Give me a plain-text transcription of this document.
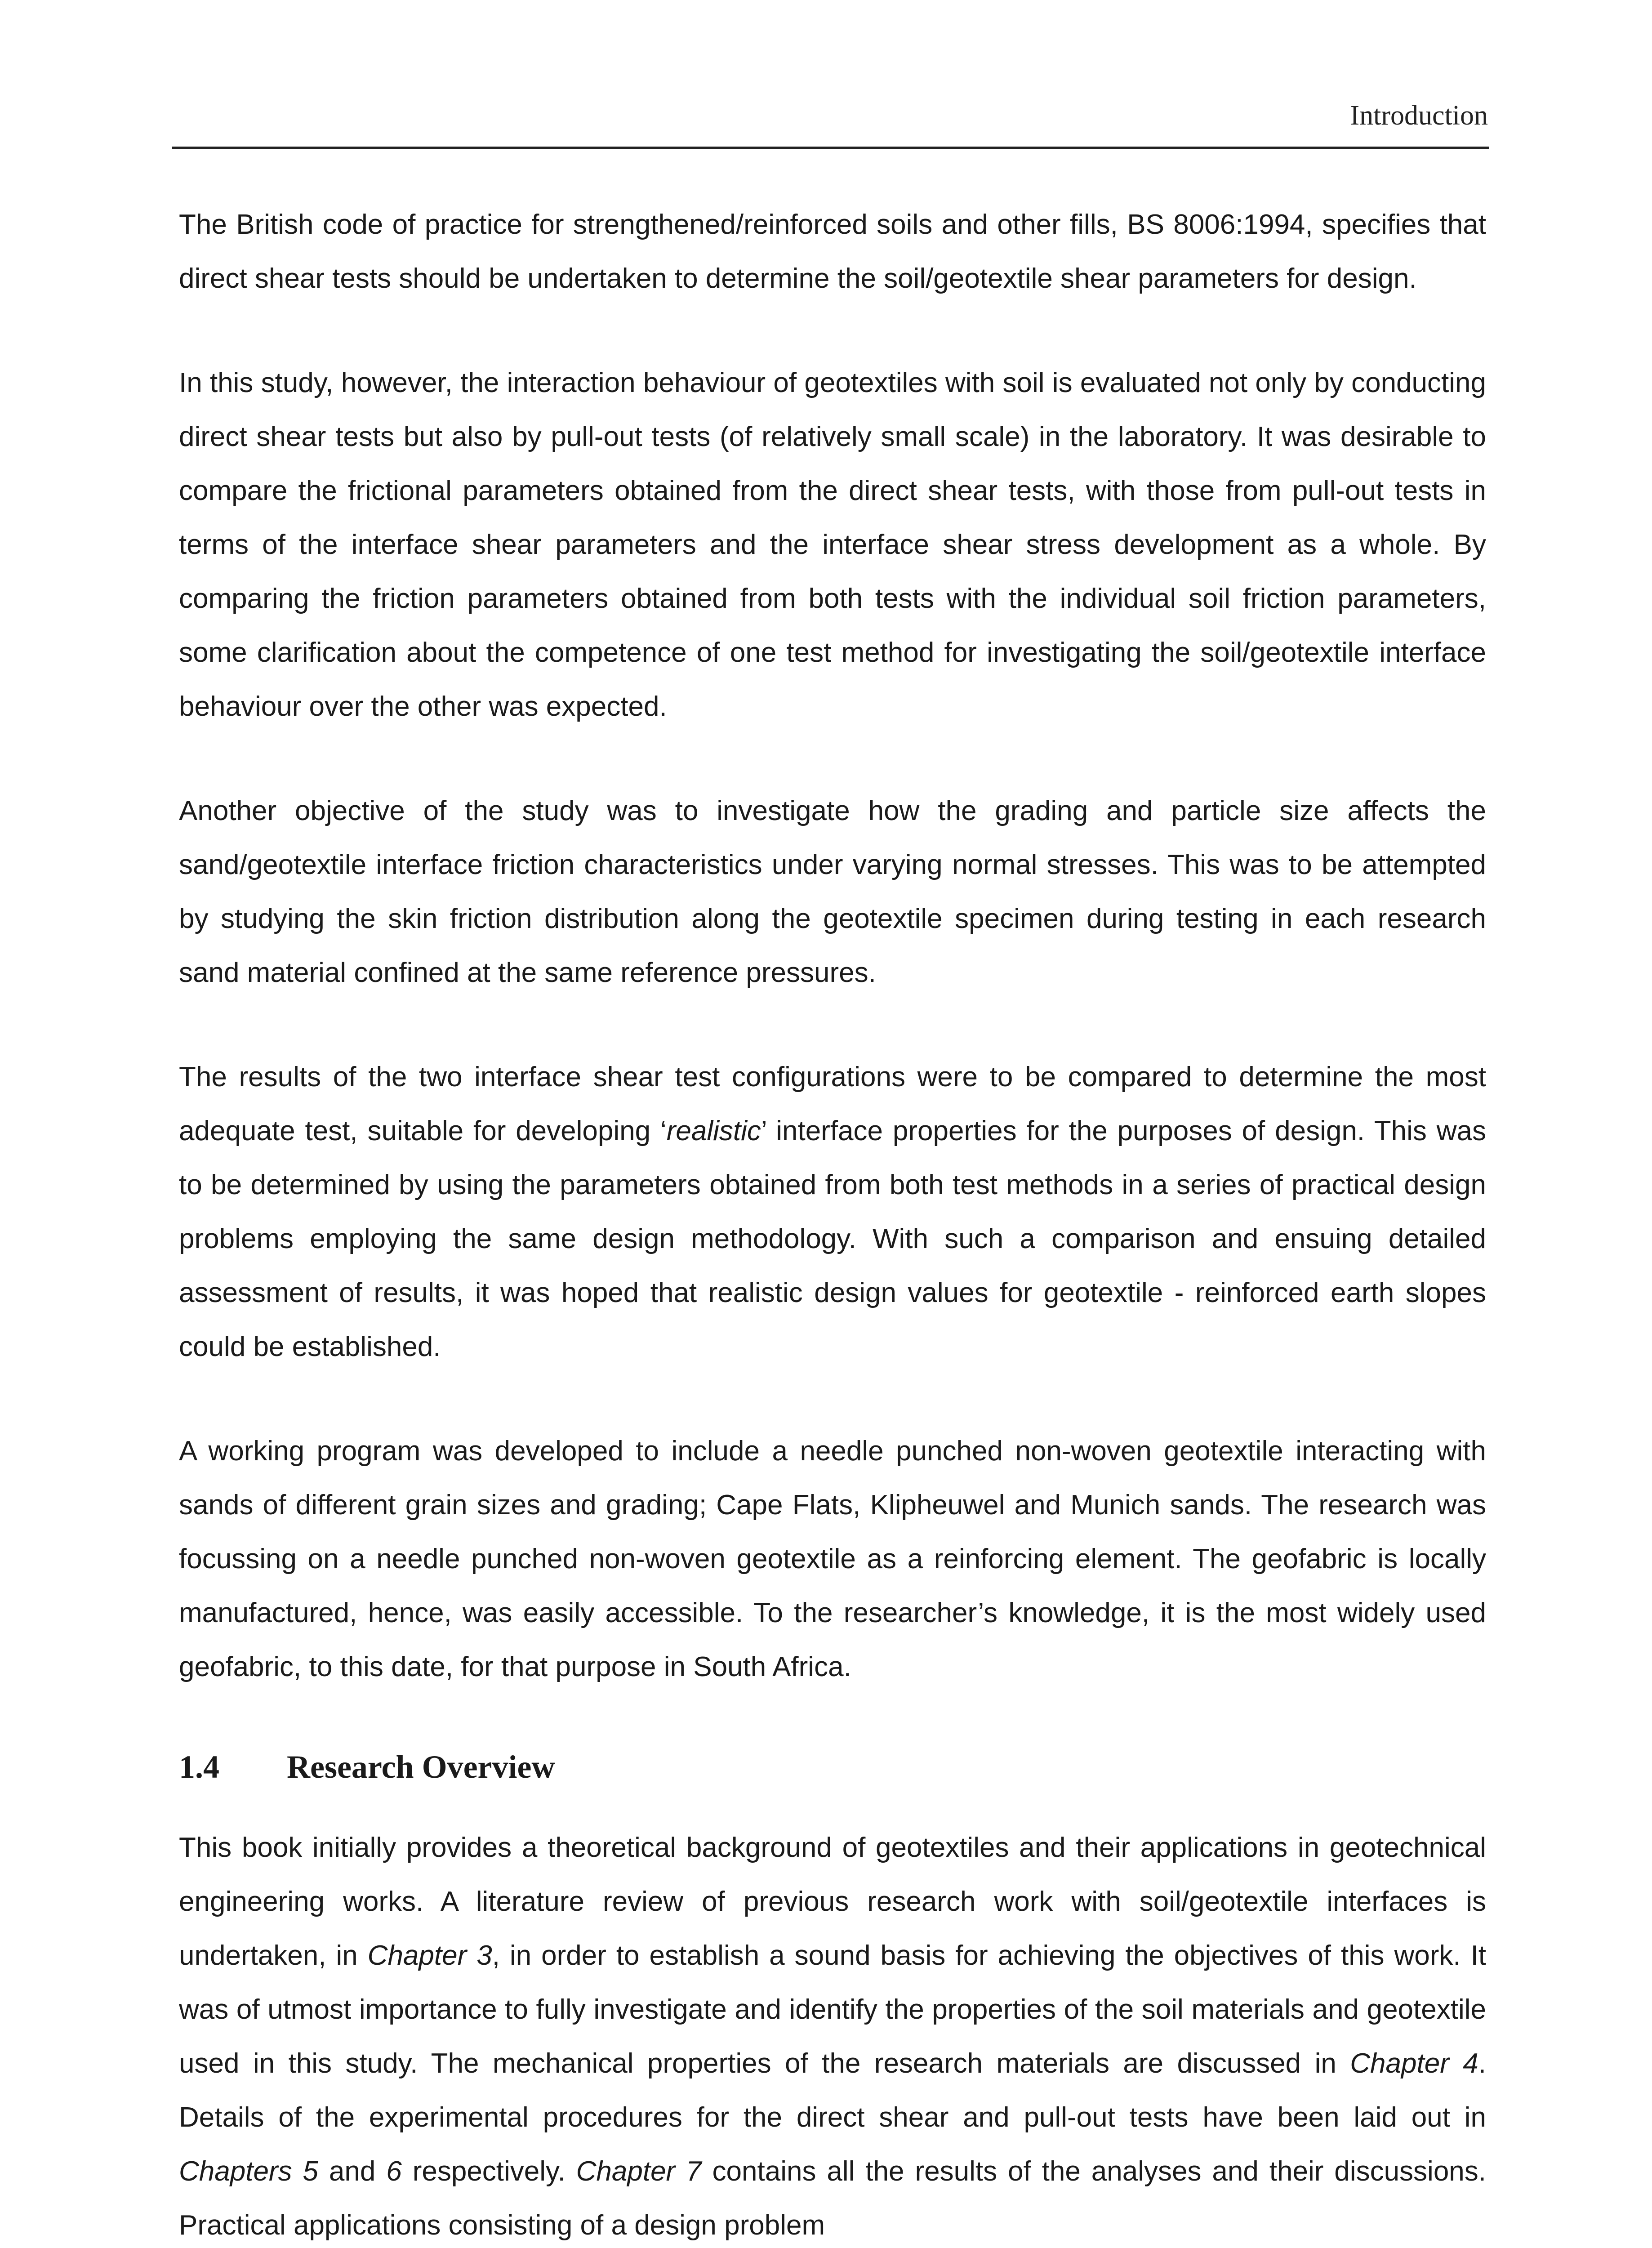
Introduction

The British code of practice for strengthened/reinforced soils and other fills, BS 8006:1994, specifies that direct shear tests should be undertaken to determine the soil/geotextile shear parameters for design.

In this study, however, the interaction behaviour of geotextiles with soil is evaluated not only by conducting direct shear tests but also by pull-out tests (of relatively small scale) in the laboratory. It was desirable to compare the frictional parameters obtained from the direct shear tests, with those from pull-out tests in terms of the interface shear parameters and the interface shear stress development as a whole. By comparing the friction parameters obtained from both tests with the individual soil friction parameters, some clarification about the competence of one test method for investigating the soil/geotextile interface behaviour over the other was expected.

Another objective of the study was to investigate how the grading and particle size affects the sand/geotextile interface friction characteristics under varying normal stresses. This was to be attempted by studying the skin friction distribution along the geotextile specimen during testing in each research sand material confined at the same reference pressures.

The results of the two interface shear test configurations were to be compared to determine the most adequate test, suitable for developing ‘realistic’ interface properties for the purposes of design. This was to be determined by using the parameters obtained from both test methods in a series of practical design problems employing the same design methodology. With such a comparison and ensuing detailed assessment of results, it was hoped that realistic design values for geotextile - reinforced earth slopes could be established.

A working program was developed to include a needle punched non-woven geotextile interacting with sands of different grain sizes and grading; Cape Flats, Klipheuwel and Munich sands. The research was focussing on a needle punched non-woven geotextile as a reinforcing element. The geofabric is locally manufactured, hence, was easily accessible. To the researcher’s knowledge, it is the most widely used geofabric, to this date, for that purpose in South Africa.

1.4 Research Overview

This book initially provides a theoretical background of geotextiles and their applications in geotechnical engineering works. A literature review of previous research work with soil/geotextile interfaces is undertaken, in Chapter 3, in order to establish a sound basis for achieving the objectives of this work. It was of utmost importance to fully investigate and identify the properties of the soil materials and geotextile used in this study. The mechanical properties of the research materials are discussed in Chapter 4. Details of the experimental procedures for the direct shear and pull-out tests have been laid out in Chapters 5 and 6 respectively. Chapter 7 contains all the results of the analyses and their discussions. Practical applications consisting of a design problem
